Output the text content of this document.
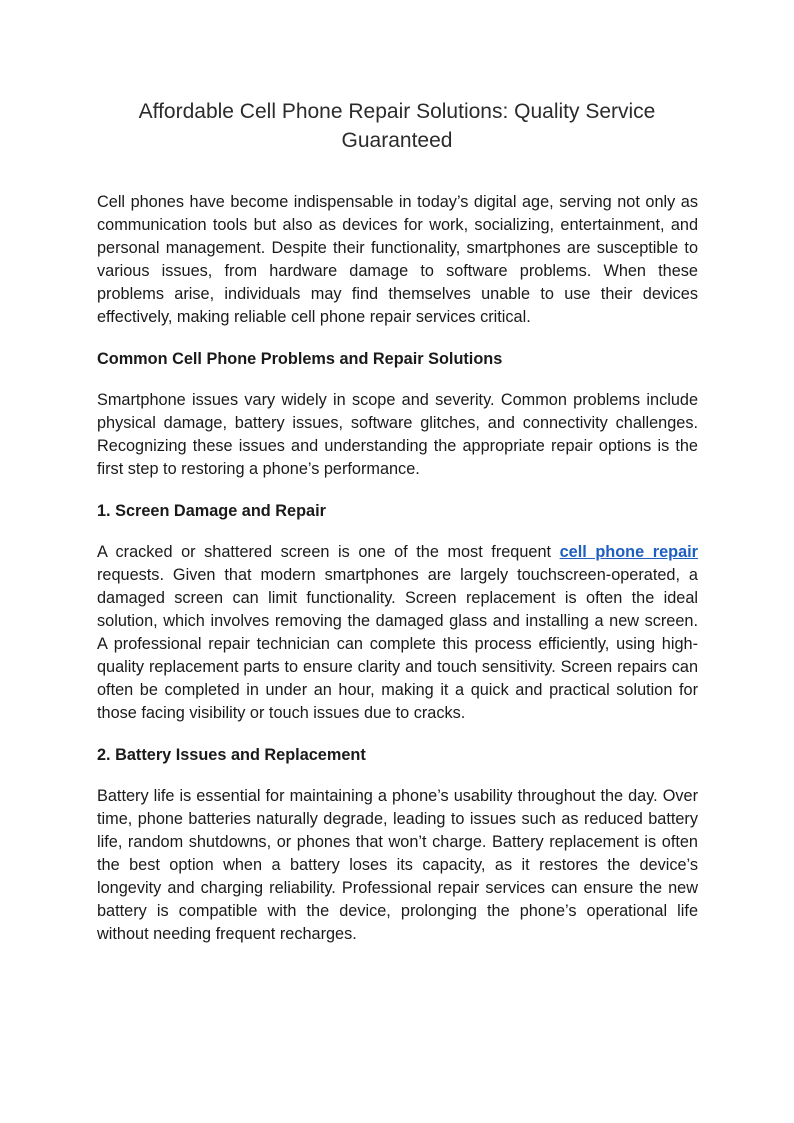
Affordable Cell Phone Repair Solutions: Quality Service Guaranteed

Cell phones have become indispensable in today’s digital age, serving not only as communication tools but also as devices for work, socializing, entertainment, and personal management. Despite their functionality, smartphones are susceptible to various issues, from hardware damage to software problems. When these problems arise, individuals may find themselves unable to use their devices effectively, making reliable cell phone repair services critical.

Common Cell Phone Problems and Repair Solutions

Smartphone issues vary widely in scope and severity. Common problems include physical damage, battery issues, software glitches, and connectivity challenges. Recognizing these issues and understanding the appropriate repair options is the first step to restoring a phone’s performance.

1. Screen Damage and Repair

A cracked or shattered screen is one of the most frequent cell phone repair requests. Given that modern smartphones are largely touchscreen-operated, a damaged screen can limit functionality. Screen replacement is often the ideal solution, which involves removing the damaged glass and installing a new screen. A professional repair technician can complete this process efficiently, using high-quality replacement parts to ensure clarity and touch sensitivity. Screen repairs can often be completed in under an hour, making it a quick and practical solution for those facing visibility or touch issues due to cracks.

2. Battery Issues and Replacement

Battery life is essential for maintaining a phone’s usability throughout the day. Over time, phone batteries naturally degrade, leading to issues such as reduced battery life, random shutdowns, or phones that won’t charge. Battery replacement is often the best option when a battery loses its capacity, as it restores the device’s longevity and charging reliability. Professional repair services can ensure the new battery is compatible with the device, prolonging the phone’s operational life without needing frequent recharges.
